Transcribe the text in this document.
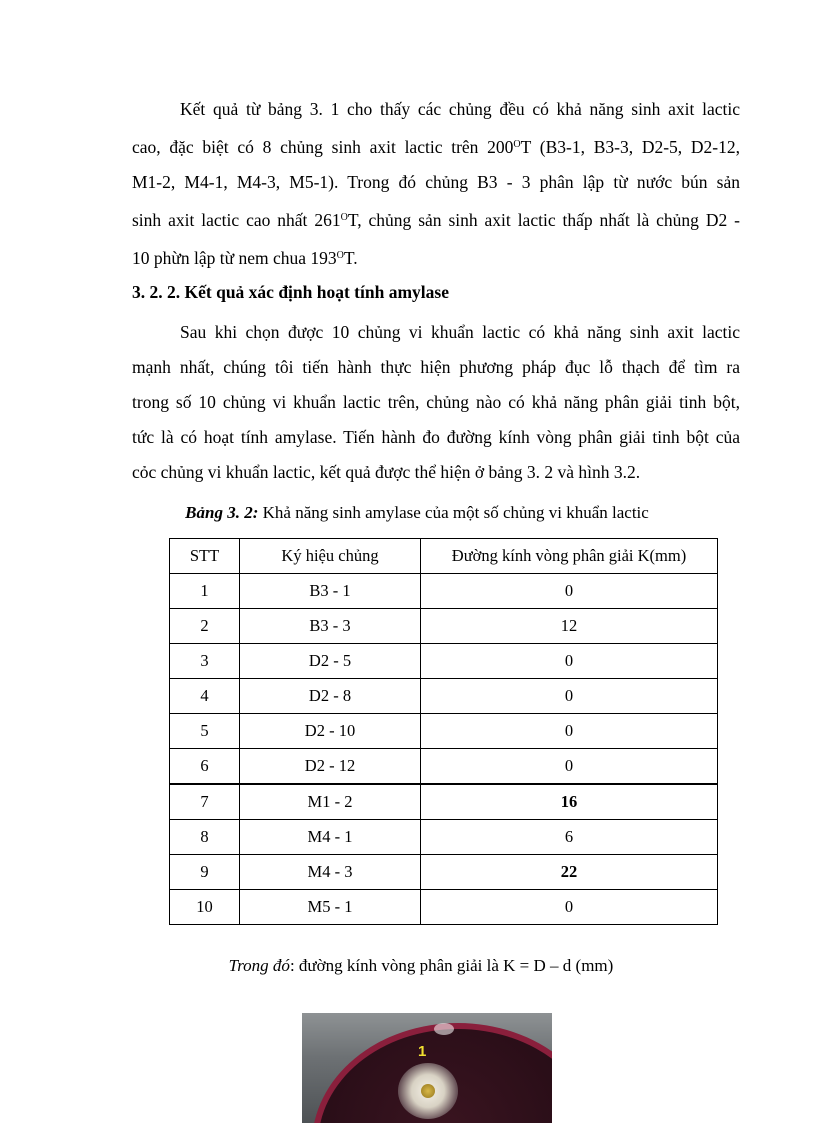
Kết quả từ bảng 3. 1 cho thấy các chủng đều có khả năng sinh axit lactic
cao, đặc biệt có 8 chủng sinh axit lactic trên $200^OT$ (B3-1, B3-3, D2-5, D2-12,
M1-2, M4-1, M4-3, M5-1). Trong đó chủng B3 - 3 phân lập từ nước bún sản
sinh axit lactic cao nhất $261^OT$, chủng sản sinh axit lactic thấp nhất là chủng D2 -
10 phừn lập từ nem chua $193^OT$.

3. 2. 2. Kết quả xác định hoạt tính amylase

Sau khi chọn được 10 chủng vi khuẩn lactic có khả năng sinh axit lactic
mạnh nhất, chúng tôi tiến hành thực hiện phương pháp đục lỗ thạch để tìm ra
trong số 10 chủng vi khuẩn lactic trên, chủng nào có khả năng phân giải tinh bột,
tức là có hoạt tính amylase. Tiến hành đo đường kính vòng phân giải tinh bột của
cỏc chủng vi khuẩn lactic, kết quả được thể hiện ở bảng 3. 2 và hình 3.2.

Bảng 3. 2: Khả năng sinh amylase của một số chủng vi khuẩn lactic

STT	Ký hiệu chủng	Đường kính vòng phân giải K(mm)
1	B3 - 1	0
2	B3 - 3	12
3	D2 - 5	0
4	D2 - 8	0
5	D2 - 10	0
6	D2 - 12	0
7	M1 - 2	16
8	M4 - 1	6
9	M4 - 3	22
10	M5 - 1	0

Trong đó: đường kính vòng phân giải là K = D – d (mm)

1
